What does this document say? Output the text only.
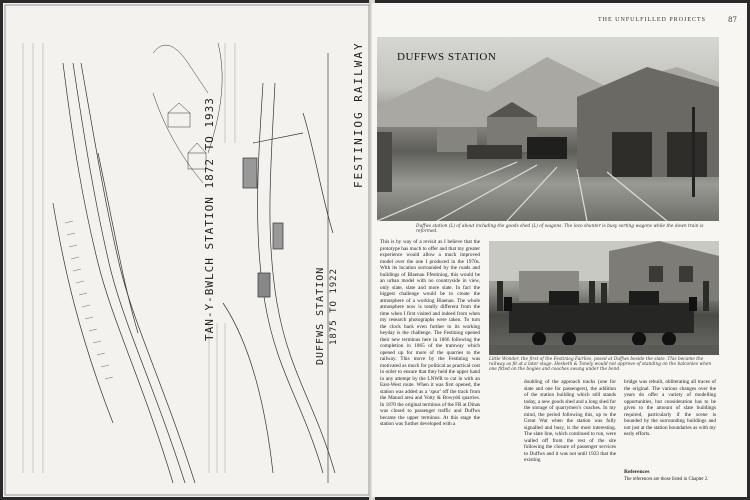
TAN-Y-BWLCH STATION 1872 TO 1933	DUFFWS STATION 1875 TO 1922
FESTINIOG RAILWAY
THE UNFULFILLED PROJECTS	87
DUFFWS STATION
Duffws station (L) of about including the goods shed (L) of wagons. The loco shunter is busy sorting wagons while the down train is reformed.
This is by way of a revisit as I believe that the prototype has much to offer and that my greater experience would allow a much improved model over the one I produced in the 1970s. With its location surrounded by the roads and buildings of Blaenau Ffestiniog, this would be an urban model with no countryside in view, only slate, slate and more slate. In fact the biggest challenge would be to create the atmosphere of a working Blaenau. The whole atmosphere now is totally different from the time when I first visited and indeed from when my research photographs were taken. To turn the clock back even further to its working heyday is the challenge. The Festiniog opened their new terminus here in 1866 following the completion in 1865 of the tramway which opened up for more of the quarries to the railway. This move by the Festiniog was motivated as much for political as practical cost in order to ensure that they held the upper hand in any attempt by the LNWR to cut in with an East-West route. When it was first opened, the station was added as a ‘spur’ off the track from the Manod area and Votty & Bowydd quarries. In 1870 the original terminus of the FR at Dinas was closed to passenger traffic and Duffws became the upper terminus. At this stage the station was further developed with a
Little Wonder, the first of the Festiniog Fairlies, posed at Duffws beside the slate. This became the railway as fit at a later stage. Hesketh & Tonely would not approve of standing on the balconies when one fitted on the bogies and coaches swung under the bend.
doubling of the approach tracks (one for slate and one for passengers), the addition of the station building which still stands today, a new goods shed and a long shed for the storage of quarrymen’s coaches. In my mind, the period following this, up to the Great War when the station was fully signalled and busy, is the most interesting. The slate line, which continued to run, were walled off from the rest of the site following the closure of passenger services to Duffws and it was not until 1933 that the existing
bridge was rebuilt, obliterating all traces of the original. The various changes over the years do offer a variety of modelling opportunities, but consideration has to be given to the amount of slate buildings required, particularly if the scene is bounded by the surrounding buildings and not just at the station boundaries as with my early efforts.
References
The references are those listed in Chapter 2.
